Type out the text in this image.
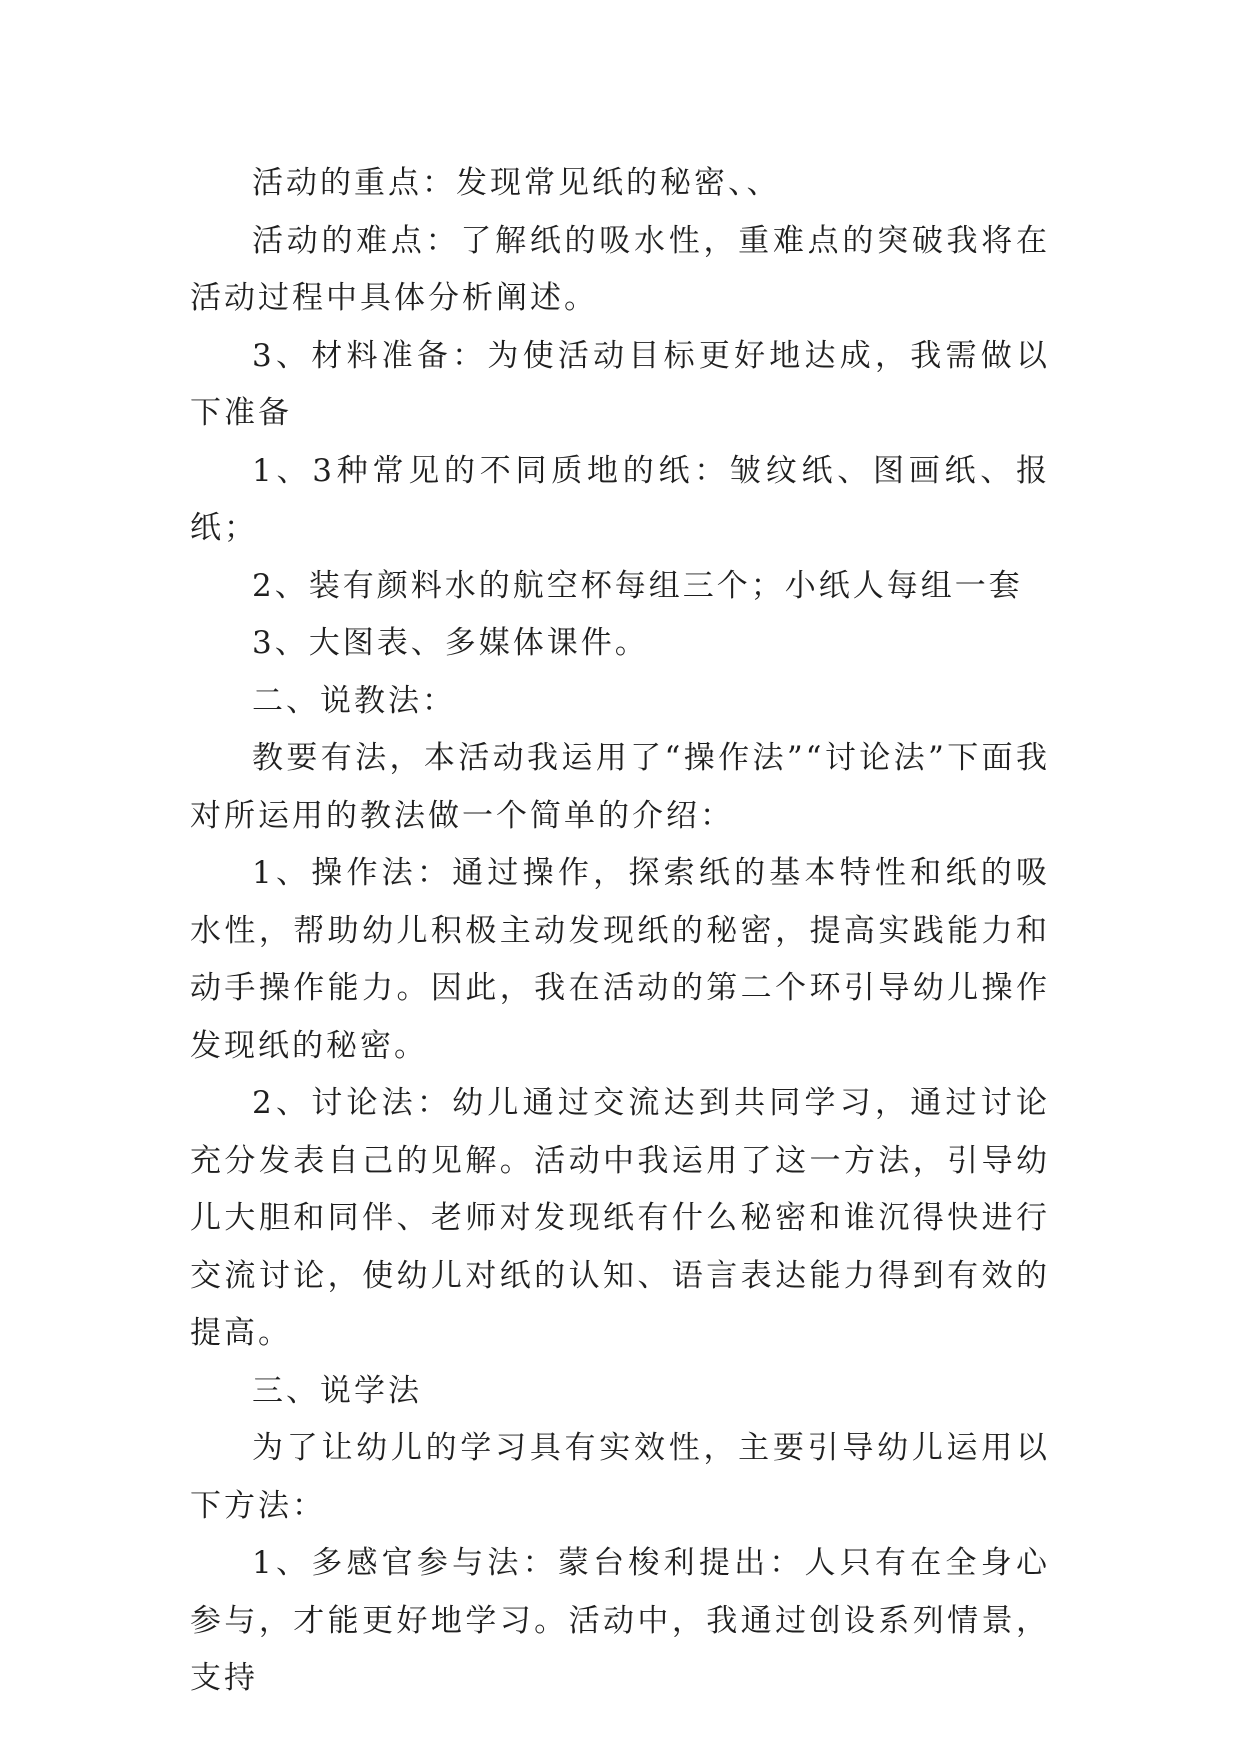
活动的重点：发现常见纸的秘密、、

活动的难点：了解纸的吸水性，重难点的突破我将在活动过程中具体分析阐述。

3、材料准备：为使活动目标更好地达成，我需做以下准备

1、3种常见的不同质地的纸：皱纹纸、图画纸、报纸；

2、装有颜料水的航空杯每组三个；小纸人每组一套

3、大图表、多媒体课件。

二、说教法：

教要有法，本活动我运用了“操作法”“讨论法”下面我对所运用的教法做一个简单的介绍：

1、操作法：通过操作，探索纸的基本特性和纸的吸水性，帮助幼儿积极主动发现纸的秘密，提高实践能力和动手操作能力。因此，我在活动的第二个环引导幼儿操作发现纸的秘密。

2、讨论法：幼儿通过交流达到共同学习，通过讨论充分发表自己的见解。活动中我运用了这一方法，引导幼儿大胆和同伴、老师对发现纸有什么秘密和谁沉得快进行交流讨论，使幼儿对纸的认知、语言表达能力得到有效的提高。

三、说学法

为了让幼儿的学习具有实效性，主要引导幼儿运用以下方法：

1、多感官参与法：蒙台梭利提出：人只有在全身心参与，才能更好地学习。活动中，我通过创设系列情景，支持
